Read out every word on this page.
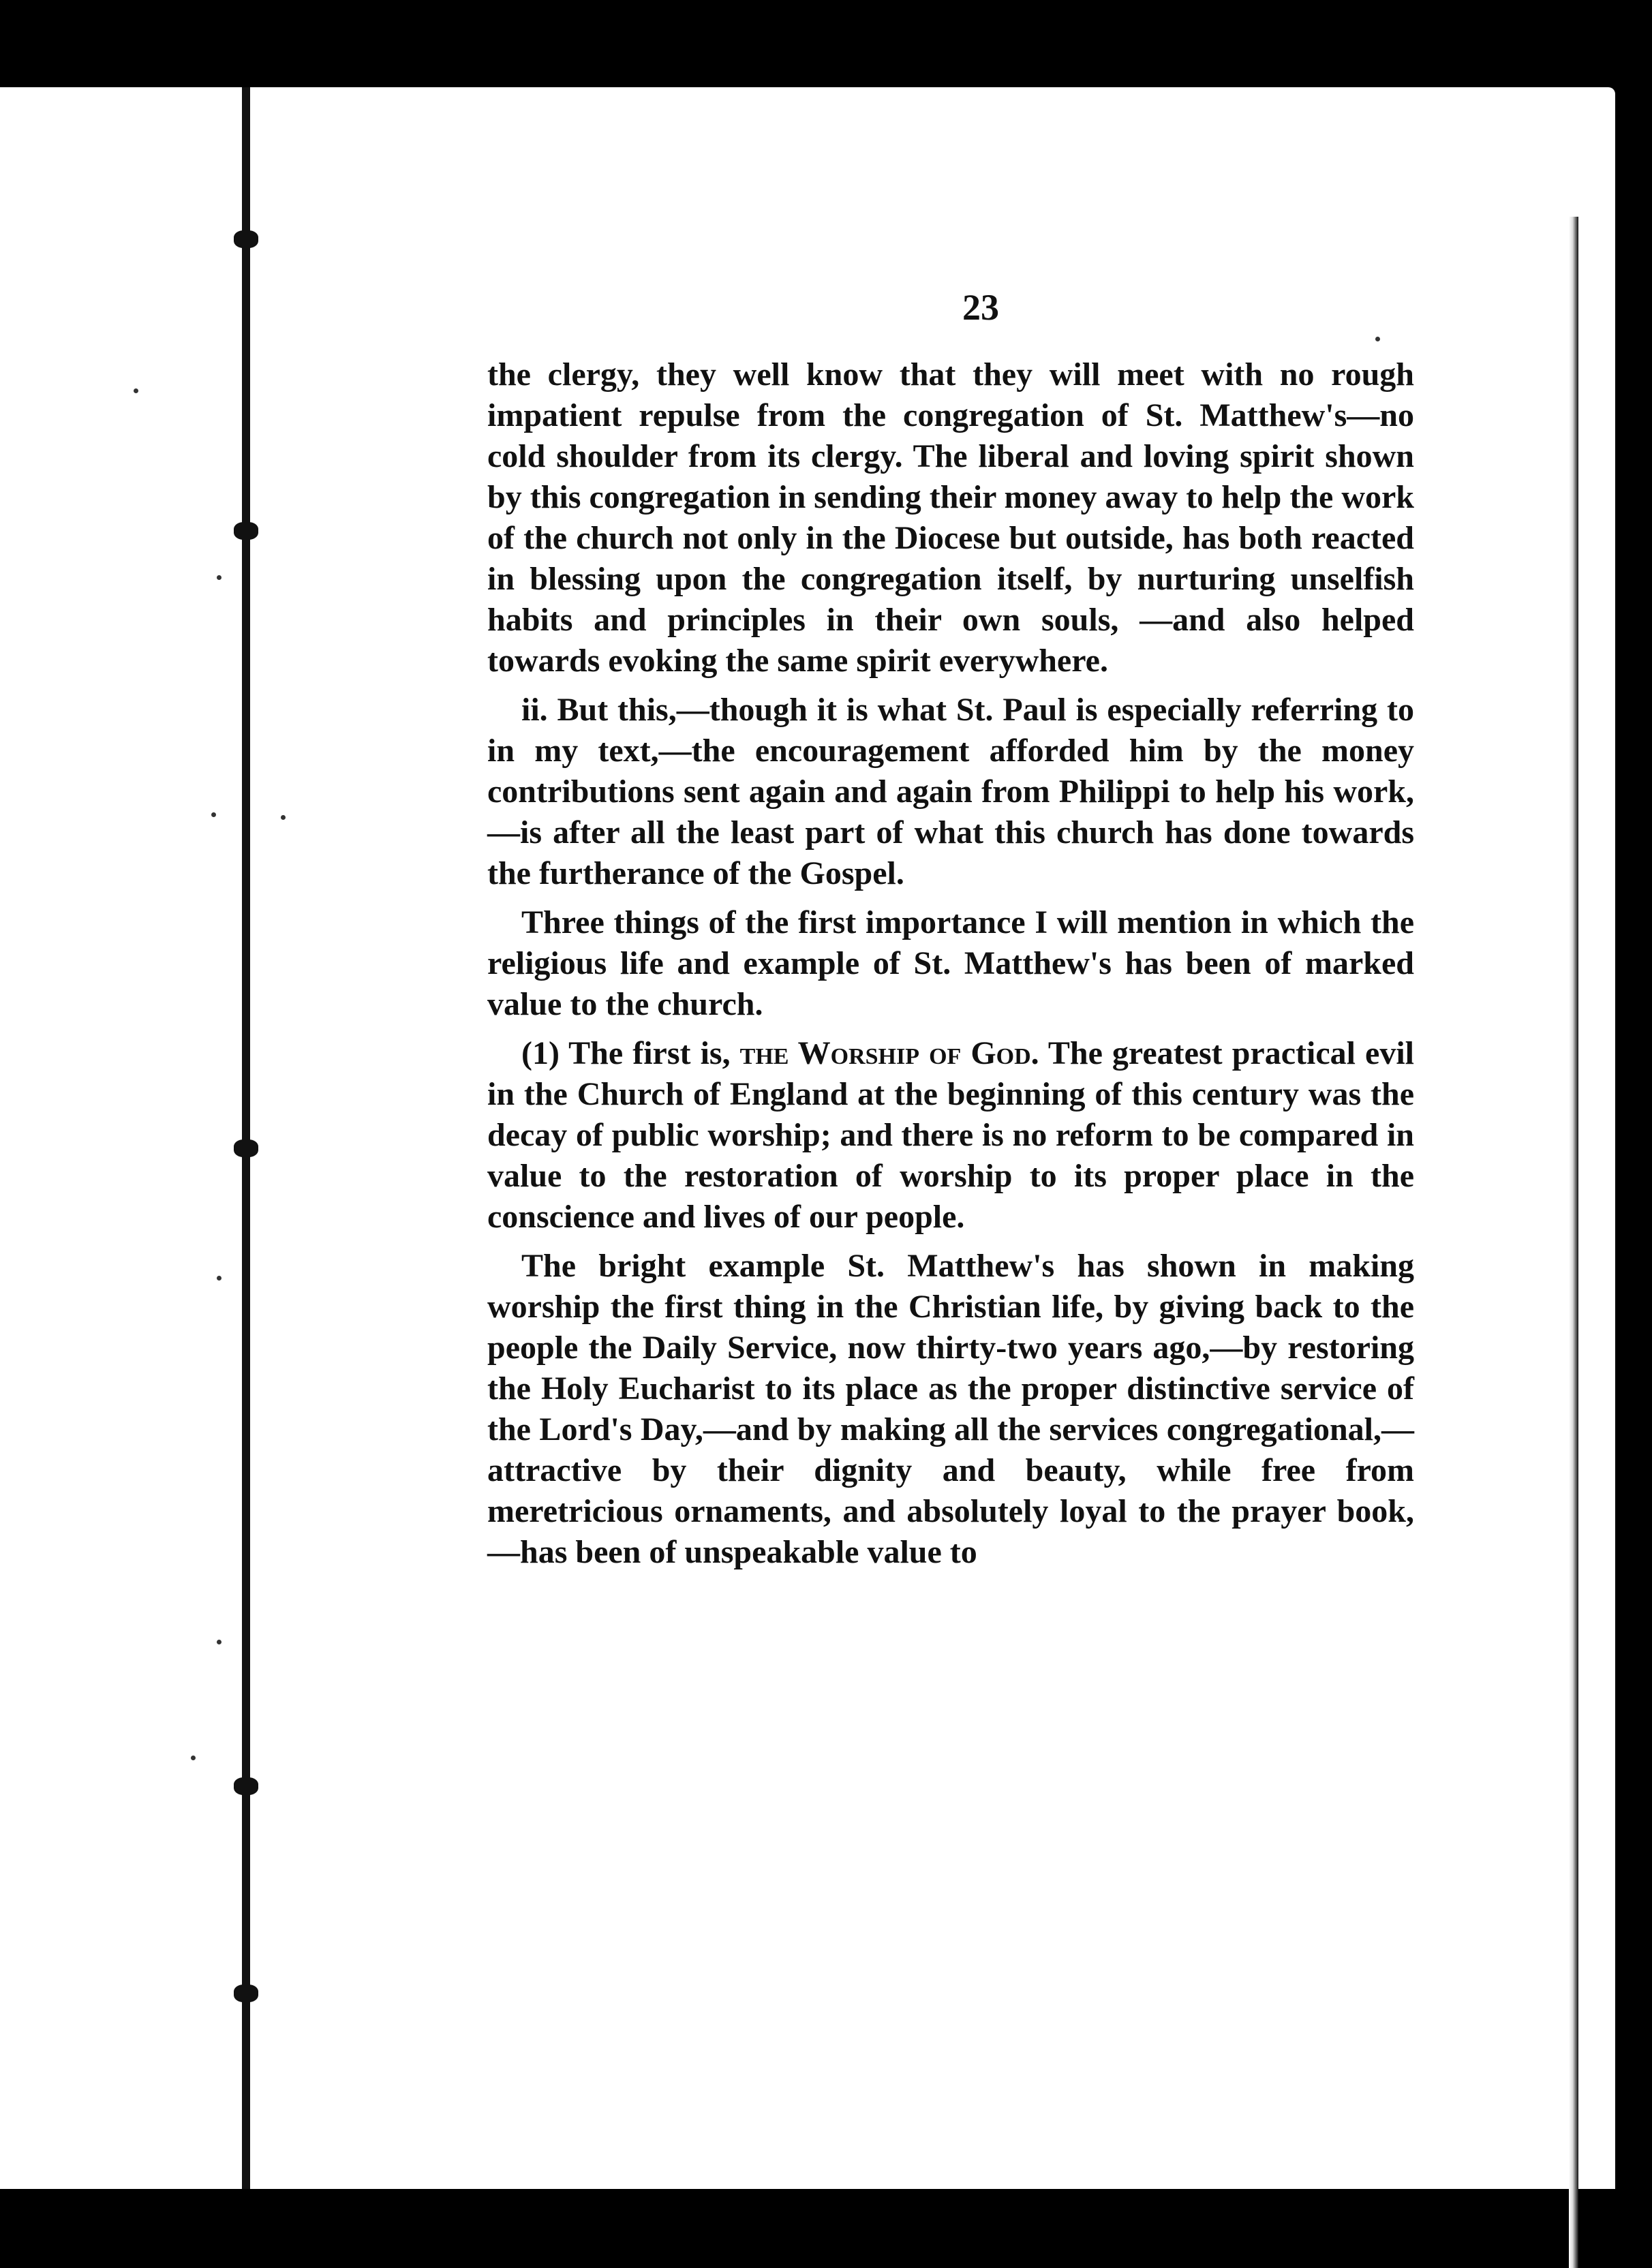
23

the clergy, they well know that they will meet with no rough impatient repulse from the congregation of St. Matthew's—no cold shoulder from its clergy. The liberal and loving spirit shown by this congregation in sending their money away to help the work of the church not only in the Diocese but outside, has both reacted in blessing upon the congregation itself, by nurturing unselfish habits and principles in their own souls, —and also helped towards evoking the same spirit everywhere.

ii. But this,—though it is what St. Paul is especially referring to in my text,—the encouragement afforded him by the money contributions sent again and again from Philippi to help his work,—is after all the least part of what this church has done towards the furtherance of the Gospel.

Three things of the first importance I will mention in which the religious life and example of St. Matthew's has been of marked value to the church.

(1) The first is, the Worship of God. The greatest practical evil in the Church of England at the beginning of this century was the decay of public worship; and there is no reform to be compared in value to the restoration of worship to its proper place in the conscience and lives of our people.

The bright example St. Matthew's has shown in making worship the first thing in the Christian life, by giving back to the people the Daily Service, now thirty-two years ago,—by restoring the Holy Eucharist to its place as the proper distinctive service of the Lord's Day,—and by making all the services congregational,—attractive by their dignity and beauty, while free from meretricious ornaments, and absolutely loyal to the prayer book,—has been of unspeakable value to
